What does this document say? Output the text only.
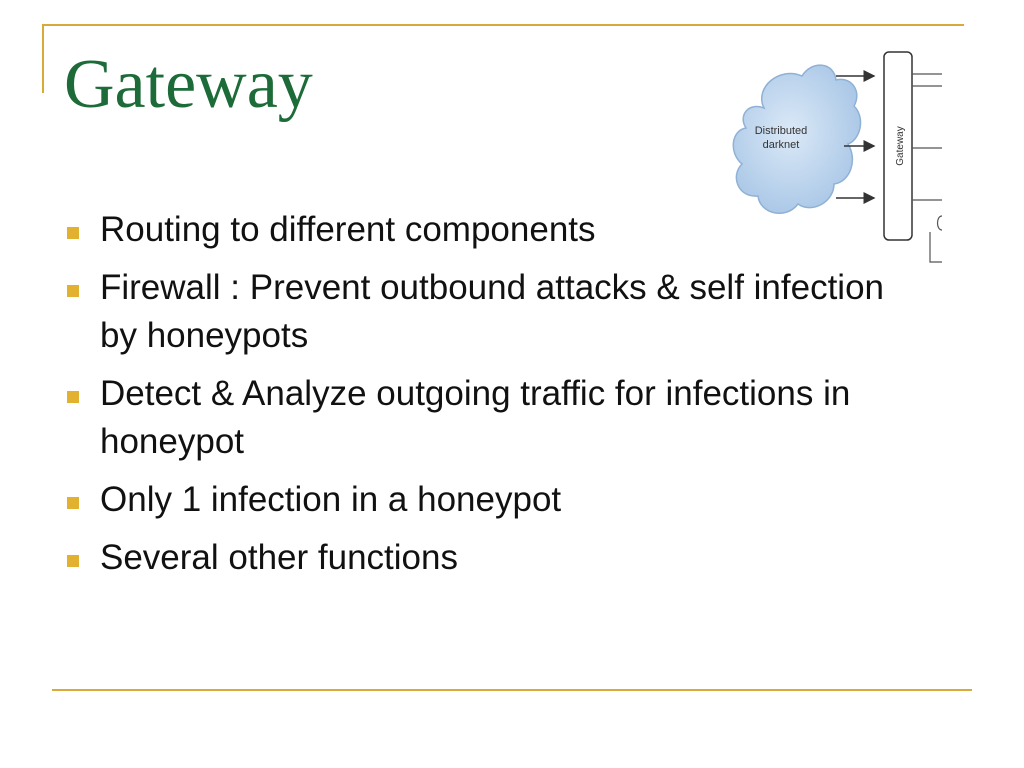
Gateway
Distributed
darknet	Gateway
Routing to different components
Firewall : Prevent outbound attacks & self infection by honeypots
Detect & Analyze outgoing traffic for infections in honeypot
Only 1 infection in a honeypot
Several other functions
